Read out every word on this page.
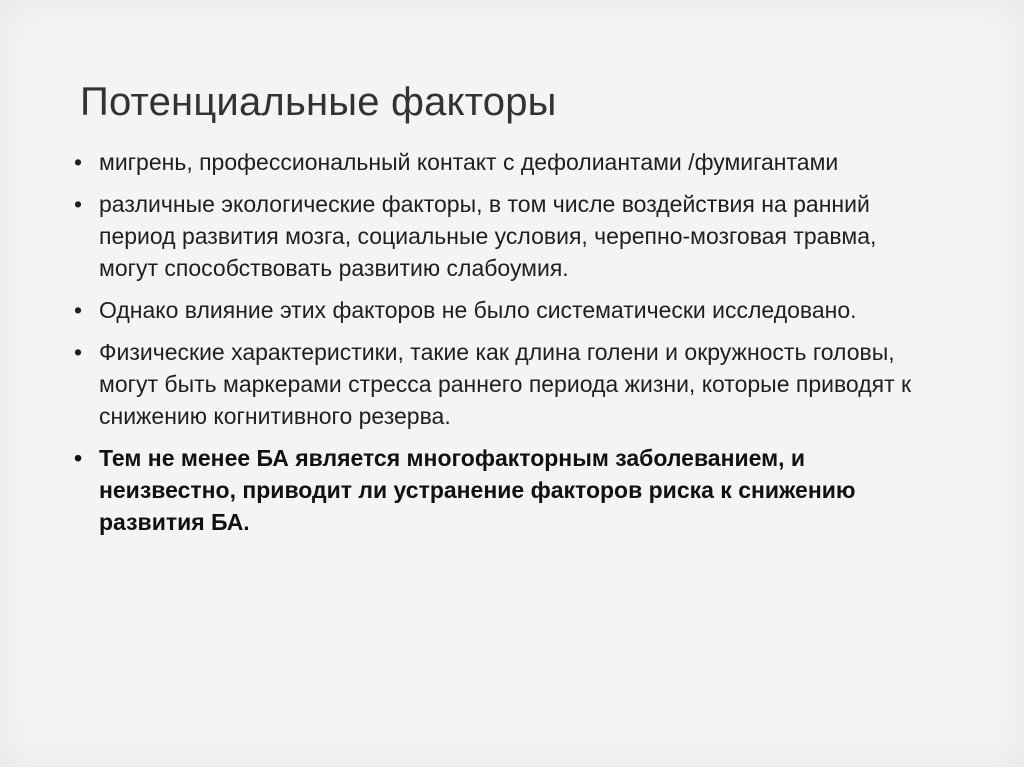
Потенциальные факторы
• мигрень, профессиональный контакт с дефолиантами /фумигантами
• различные экологические факторы, в том числе воздействия на ранний период развития мозга, социальные условия, черепно-мозговая травма, могут способствовать развитию слабоумия.
• Однако влияние этих факторов не было систематически исследовано.
• Физические характеристики, такие как длина голени и окружность головы, могут быть маркерами стресса раннего периода жизни, которые приводят к снижению когнитивного резерва.
• Тем не менее БА является многофакторным заболеванием, и неизвестно, приводит ли устранение факторов риска к снижению развития БА.
